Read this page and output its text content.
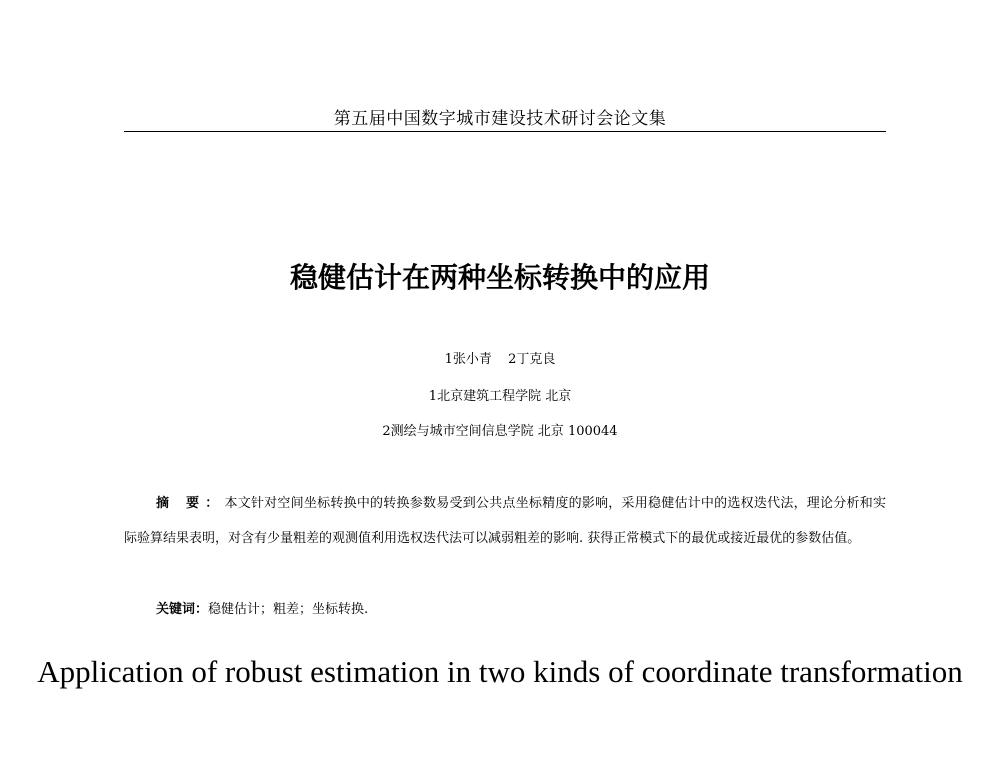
第五届中国数字城市建设技术研讨会论文集
稳健估计在两种坐标转换中的应用
1张小青 2丁克良
1北京建筑工程学院 北京
2测绘与城市空间信息学院 北京 100044
摘 要：本文针对空间坐标转换中的转换参数易受到公共点坐标精度的影响，采用稳健估计中的选权迭代法，理论分析和实际验算结果表明，对含有少量粗差的观测值利用选权迭代法可以减弱粗差的影响. 获得正常模式下的最优或接近最优的参数估值。
关键词：稳健估计；粗差；坐标转换.
Application of robust estimation in two kinds of coordinate transformation
